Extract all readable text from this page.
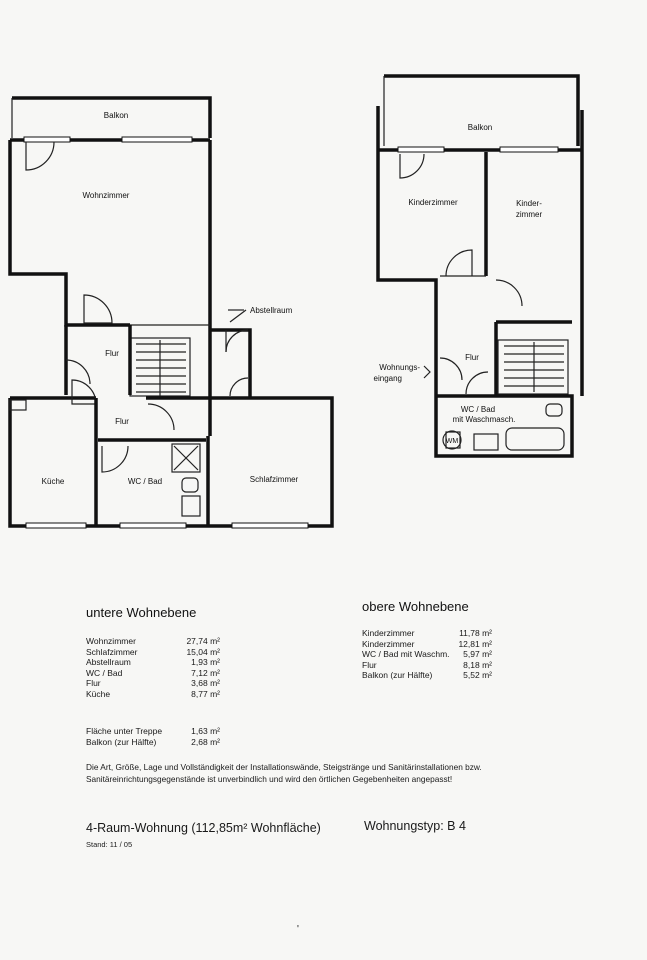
Balkon
Wohnzimmer
Abstellraum
Flur
Flur
Küche	WC / Bad	Schlafzimmer
Balkon
Kinderzimmer	Kinder-
zimmer
Wohnungs-
eingang
Flur
WC / Bad
mit Waschmasch.
WM
untere Wohnebene
Wohnzimmer	27,74 m²
Schlafzimmer	15,04 m²
Abstellraum	1,93 m²
WC / Bad	7,12 m²
Flur	3,68 m²
Küche	8,77 m²
Fläche unter Treppe	1,63 m²
Balkon (zur Hälfte)	2,68 m²
obere Wohnebene
Kinderzimmer	11,78 m²
Kinderzimmer	12,81 m²
WC / Bad mit Waschm.	5,97 m²
Flur	8,18 m²
Balkon (zur Hälfte)	5,52 m²
Die Art, Größe, Lage und Vollständigkeit der Installationswände, Steigstränge und Sanitärinstallationen bzw. Sanitäreinrichtungsgegenstände ist unverbindlich und wird den örtlichen Gegebenheiten angepasst!
4-Raum-Wohnung (112,85m² Wohnfläche)	Wohnungstyp: B 4
Stand: 11 / 05
'
